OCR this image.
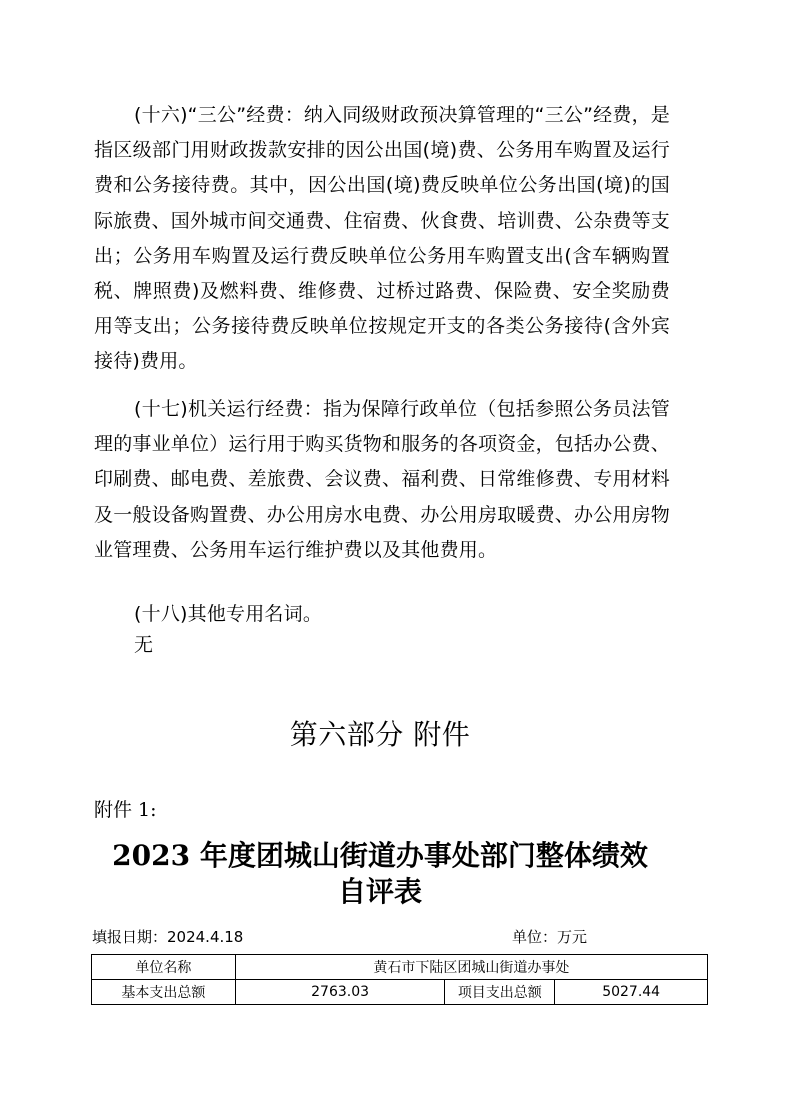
(十六)“三公”经费：纳入同级财政预决算管理的“三公”经费，是指区级部门用财政拨款安排的因公出国(境)费、公务用车购置及运行费和公务接待费。其中，因公出国(境)费反映单位公务出国(境)的国际旅费、国外城市间交通费、住宿费、伙食费、培训费、公杂费等支出；公务用车购置及运行费反映单位公务用车购置支出(含车辆购置税、牌照费)及燃料费、维修费、过桥过路费、保险费、安全奖励费用等支出；公务接待费反映单位按规定开支的各类公务接待(含外宾接待)费用。

(十七)机关运行经费：指为保障行政单位（包括参照公务员法管理的事业单位）运行用于购买货物和服务的各项资金，包括办公费、印刷费、邮电费、差旅费、会议费、福利费、日常维修费、专用材料及一般设备购置费、办公用房水电费、办公用房取暖费、办公用房物业管理费、公务用车运行维护费以及其他费用。

(十八)其他专用名词。

无

第六部分 附件

附件 1:

2023 年度团城山街道办事处部门整体绩效
自评表
填报日期：2024.4.18	单位：万元
单位名称	黄石市下陆区团城山街道办事处		
基本支出总额	2763.03	项目支出总额	5027.44
